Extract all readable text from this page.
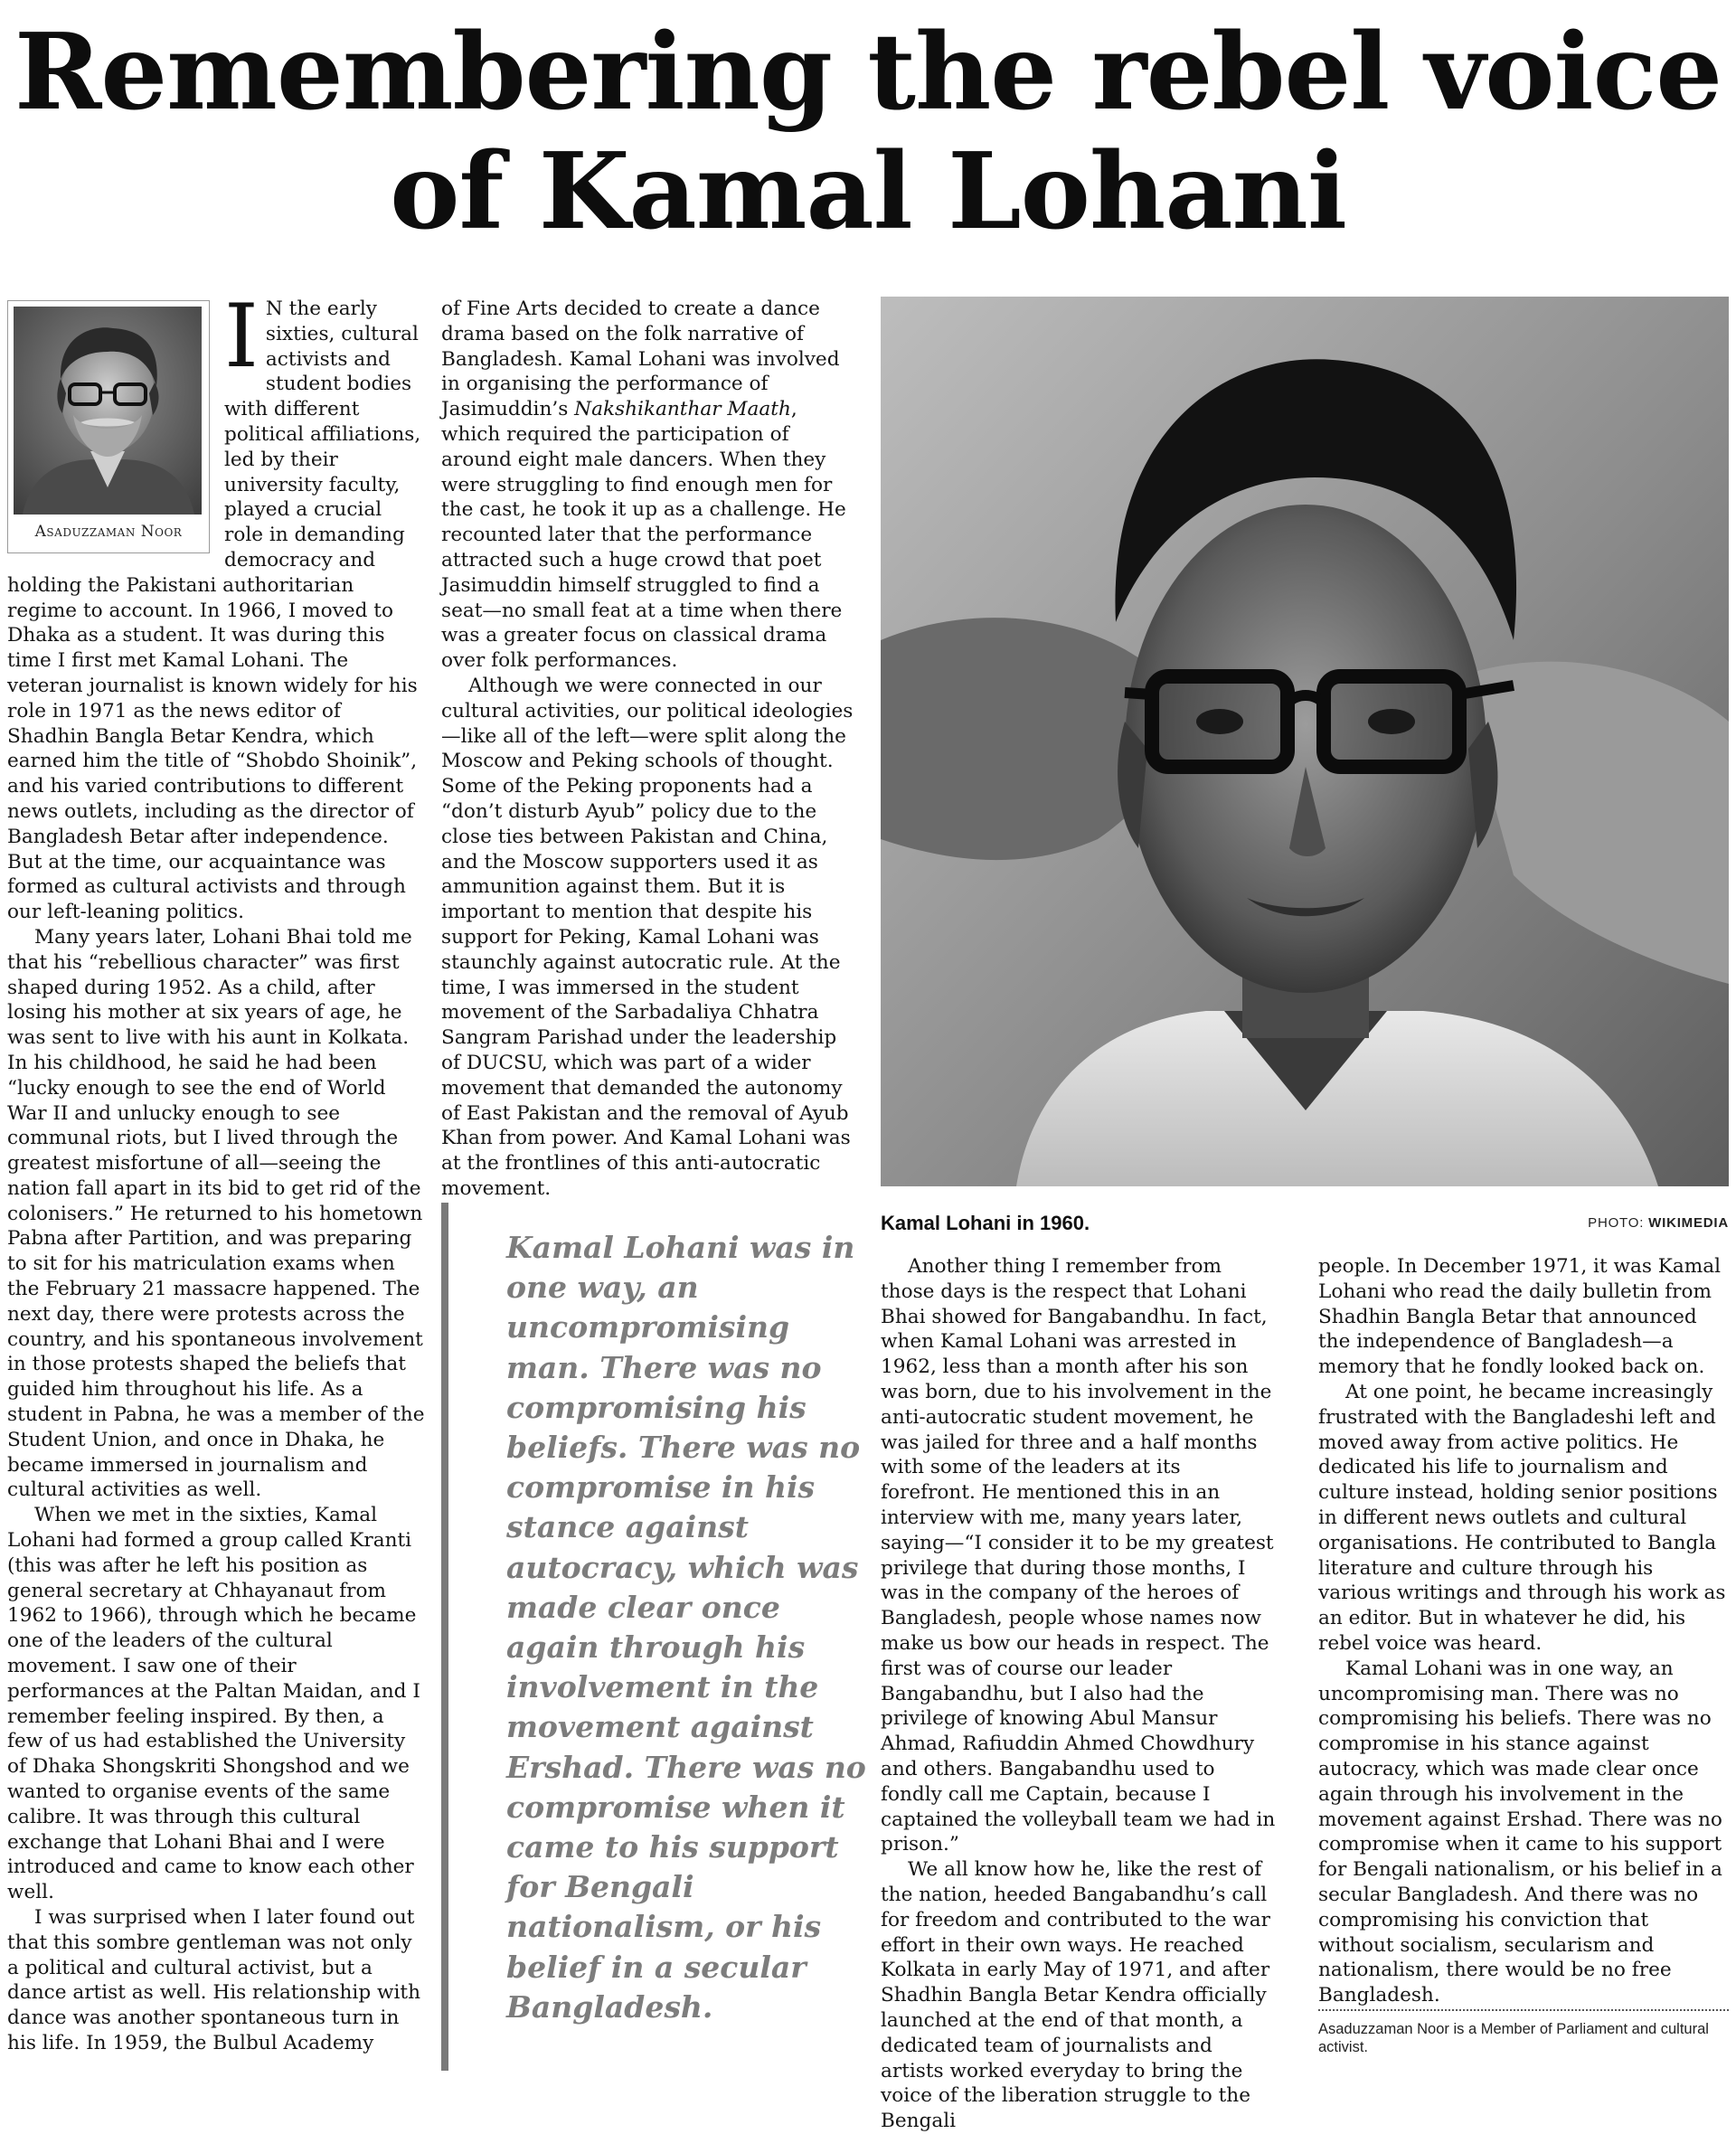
Remembering the rebel voice
of Kamal Lohani
Asaduzzaman Noor

I N the early sixties, cultural activists and student bodies with different political affiliations, led by their university faculty, played a crucial role in demanding democracy and holding the Pakistani authoritarian regime to account. In 1966, I moved to Dhaka as a student. It was during this time I first met Kamal Lohani. The veteran journalist is known widely for his role in 1971 as the news editor of Shadhin Bangla Betar Kendra, which earned him the title of “Shobdo Shoinik”, and his varied contributions to different news outlets, including as the director of Bangladesh Betar after independence. But at the time, our acquaintance was formed as cultural activists and through our left-leaning politics.

Many years later, Lohani Bhai told me that his “rebellious character” was first shaped during 1952. As a child, after losing his mother at six years of age, he was sent to live with his aunt in Kolkata. In his childhood, he said he had been “lucky enough to see the end of World War II and unlucky enough to see communal riots, but I lived through the greatest misfortune of all—seeing the nation fall apart in its bid to get rid of the colonisers.” He returned to his hometown Pabna after Partition, and was preparing to sit for his matriculation exams when the February 21 massacre happened. The next day, there were protests across the country, and his spontaneous involvement in those protests shaped the beliefs that guided him throughout his life. As a student in Pabna, he was a member of the Student Union, and once in Dhaka, he became immersed in journalism and cultural activities as well.

When we met in the sixties, Kamal Lohani had formed a group called Kranti (this was after he left his position as general secretary at Chhayanaut from 1962 to 1966), through which he became one of the leaders of the cultural movement. I saw one of their performances at the Paltan Maidan, and I remember feeling inspired. By then, a few of us had established the University of Dhaka Shongskriti Shongshod and we wanted to organise events of the same calibre. It was through this cultural exchange that Lohani Bhai and I were introduced and came to know each other well.

I was surprised when I later found out that this sombre gentleman was not only a political and cultural activist, but a dance artist as well. His relationship with dance was another spontaneous turn in his life. In 1959, the Bulbul Academy

of Fine Arts decided to create a dance drama based on the folk narrative of Bangladesh. Kamal Lohani was involved in organising the performance of Jasimuddin’s Nakshikanthar Maath, which required the participation of around eight male dancers. When they were struggling to find enough men for the cast, he took it up as a challenge. He recounted later that the performance attracted such a huge crowd that poet Jasimuddin himself struggled to find a seat—no small feat at a time when there was a greater focus on classical drama over folk performances.

Although we were connected in our cultural activities, our political ideologies—like all of the left—were split along the Moscow and Peking schools of thought. Some of the Peking proponents had a “don’t disturb Ayub” policy due to the close ties between Pakistan and China, and the Moscow supporters used it as ammunition against them. But it is important to mention that despite his support for Peking, Kamal Lohani was staunchly against autocratic rule. At the time, I was immersed in the student movement of the Sarbadaliya Chhatra Sangram Parishad under the leadership of DUCSU, which was part of a wider movement that demanded the autonomy of East Pakistan and the removal of Ayub Khan from power. And Kamal Lohani was at the frontlines of this anti-autocratic movement.

Kamal Lohani in 1960.	PHOTO: WIKIMEDIA

Kamal Lohani was in one way, an uncompromising man. There was no compromising his beliefs. There was no compromise in his stance against autocracy, which was made clear once again through his involvement in the movement against Ershad. There was no compromise when it came to his support for Bengali nationalism, or his belief in a secular Bangladesh.

Another thing I remember from those days is the respect that Lohani Bhai showed for Bangabandhu. In fact, when Kamal Lohani was arrested in 1962, less than a month after his son was born, due to his involvement in the anti-autocratic student movement, he was jailed for three and a half months with some of the leaders at its forefront. He mentioned this in an interview with me, many years later, saying—“I consider it to be my greatest privilege that during those months, I was in the company of the heroes of Bangladesh, people whose names now make us bow our heads in respect. The first was of course our leader Bangabandhu, but I also had the privilege of knowing Abul Mansur Ahmad, Rafiuddin Ahmed Chowdhury and others. Bangabandhu used to fondly call me Captain, because I captained the volleyball team we had in prison.”

We all know how he, like the rest of the nation, heeded Bangabandhu’s call for freedom and contributed to the war effort in their own ways. He reached Kolkata in early May of 1971, and after Shadhin Bangla Betar Kendra officially launched at the end of that month, a dedicated team of journalists and artists worked everyday to bring the voice of the liberation struggle to the Bengali

people. In December 1971, it was Kamal Lohani who read the daily bulletin from Shadhin Bangla Betar that announced the independence of Bangladesh—a memory that he fondly looked back on.

At one point, he became increasingly frustrated with the Bangladeshi left and moved away from active politics. He dedicated his life to journalism and culture instead, holding senior positions in different news outlets and cultural organisations. He contributed to Bangla literature and culture through his various writings and through his work as an editor. But in whatever he did, his rebel voice was heard.

Kamal Lohani was in one way, an uncompromising man. There was no compromising his beliefs. There was no compromise in his stance against autocracy, which was made clear once again through his involvement in the movement against Ershad. There was no compromise when it came to his support for Bengali nationalism, or his belief in a secular Bangladesh. And there was no compromising his conviction that without socialism, secularism and nationalism, there would be no free Bangladesh.

Asaduzzaman Noor is a Member of Parliament and cultural activist.
